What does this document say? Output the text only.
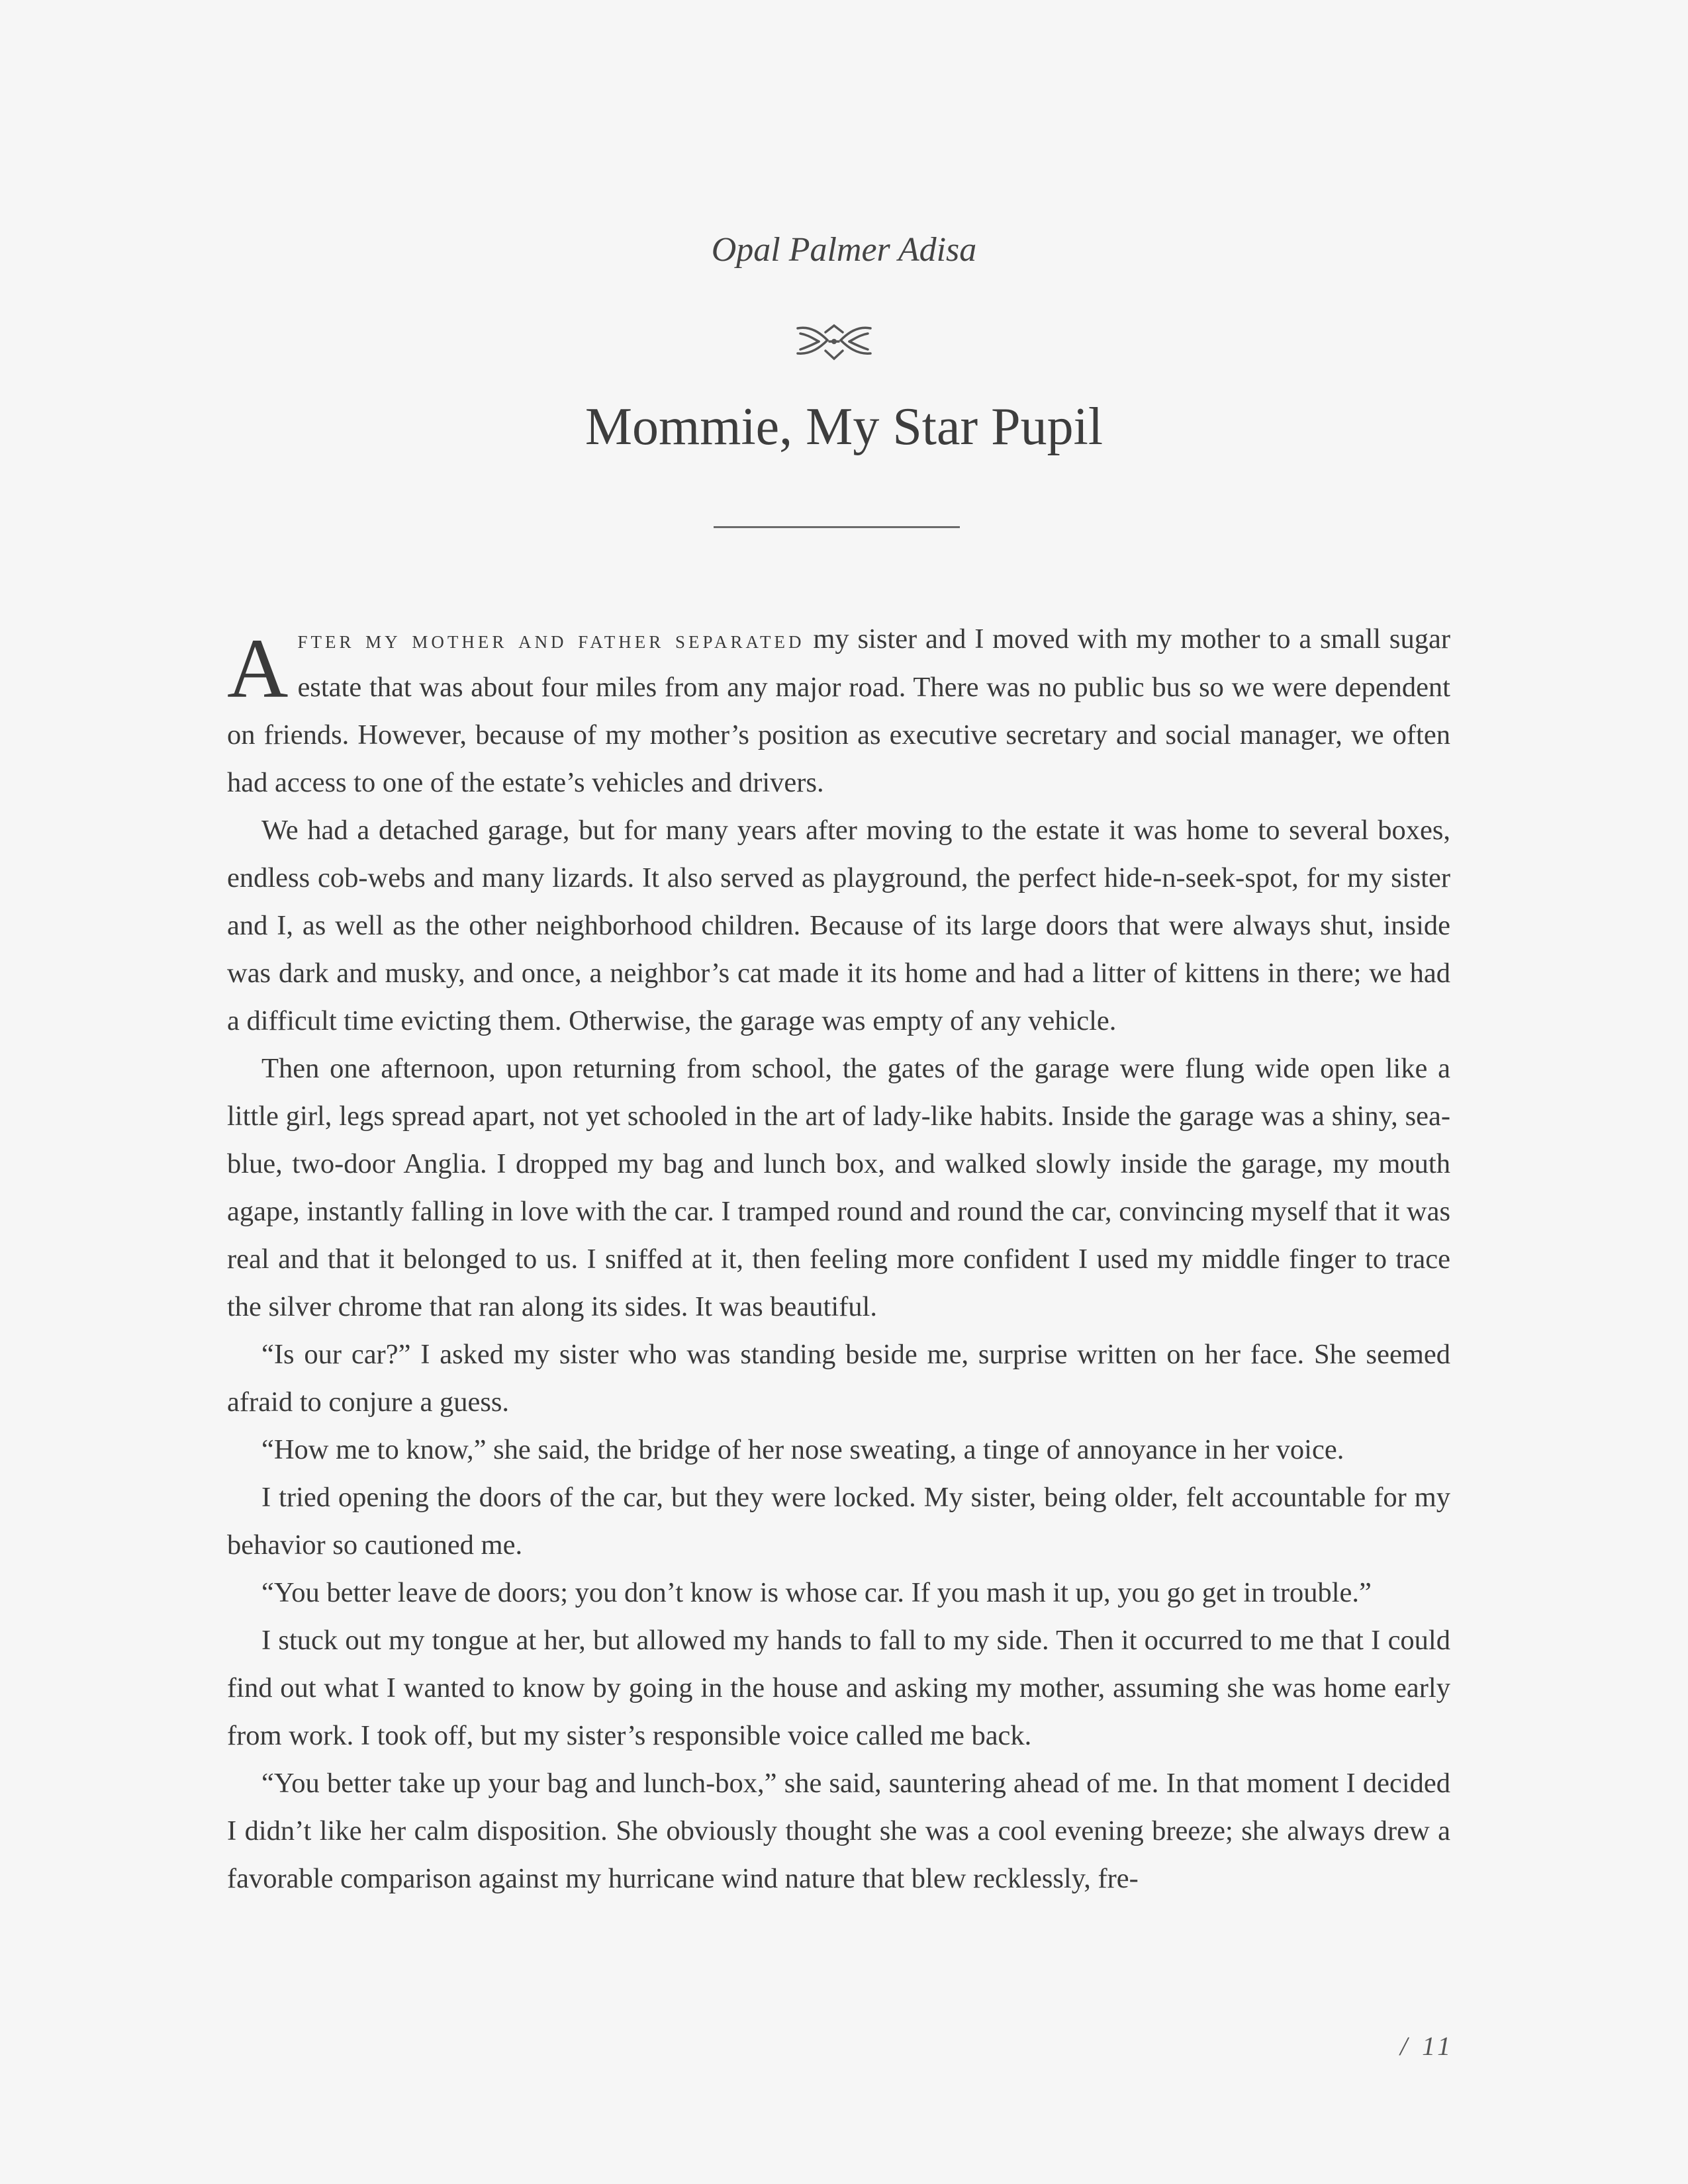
Opal Palmer Adisa

Mommie, My Star Pupil

After my mother and father separated my sister and I moved with my mother to a small sugar estate that was about four miles from any major road. There was no public bus so we were dependent on friends. However, because of my mother’s position as executive secretary and social manager, we often had access to one of the estate’s vehicles and drivers.

We had a detached garage, but for many years after moving to the estate it was home to several boxes, endless cob-webs and many lizards. It also served as playground, the perfect hide-n-seek-spot, for my sister and I, as well as the other neighborhood children. Because of its large doors that were always shut, inside was dark and musky, and once, a neighbor’s cat made it its home and had a litter of kittens in there; we had a difficult time evicting them. Otherwise, the garage was empty of any vehicle.

Then one afternoon, upon returning from school, the gates of the garage were flung wide open like a little girl, legs spread apart, not yet schooled in the art of lady-like habits. Inside the garage was a shiny, sea-blue, two-door Anglia. I dropped my bag and lunch box, and walked slowly inside the garage, my mouth agape, instantly falling in love with the car. I tramped round and round the car, convincing myself that it was real and that it belonged to us. I sniffed at it, then feeling more confident I used my middle finger to trace the silver chrome that ran along its sides. It was beautiful.

“Is our car?” I asked my sister who was standing beside me, surprise written on her face. She seemed afraid to conjure a guess.

“How me to know,” she said, the bridge of her nose sweating, a tinge of annoyance in her voice.

I tried opening the doors of the car, but they were locked. My sister, being older, felt accountable for my behavior so cautioned me.

“You better leave de doors; you don’t know is whose car. If you mash it up, you go get in trouble.”

I stuck out my tongue at her, but allowed my hands to fall to my side. Then it occurred to me that I could find out what I wanted to know by going in the house and asking my mother, assuming she was home early from work. I took off, but my sister’s responsible voice called me back.

“You better take up your bag and lunch-box,” she said, sauntering ahead of me. In that moment I decided I didn’t like her calm disposition. She obviously thought she was a cool evening breeze; she always drew a favorable comparison against my hurricane wind nature that blew recklessly, fre-

/ 11
